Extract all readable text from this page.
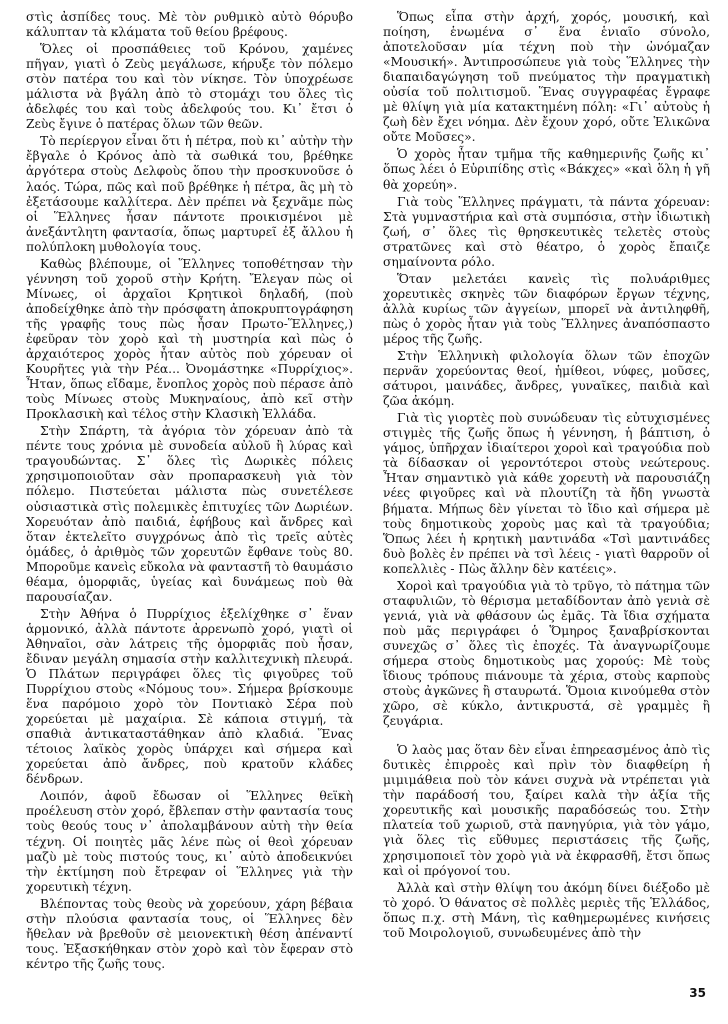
στὶς ἀσπίδες τους. Μὲ τὸν ρυθμικὸ αὐτὸ θόρυβο κάλυπταν τὰ κλάματα τοῦ θείου βρέφους.

Ὅλες οἱ προσπάθειες τοῦ Κρόνου, χαμένες πῆγαν, γιατὶ ὁ Ζεὺς μεγάλωσε, κήρυξε τὸν πόλεμο στὸν πατέρα του καὶ τὸν νίκησε. Τὸν ὑποχρέωσε μάλιστα νὰ βγάλη ἀπὸ τὸ στομάχι του ὅλες τὶς ἀδελφές του καὶ τοὺς ἀδελφούς του. Κι᾽ ἔτσι ὁ Ζεὺς ἔγινε ὁ πατέρας ὅλων τῶν θεῶν.

Τὸ περίεργον εἶναι ὅτι ἡ πέτρα, ποὺ κι᾽ αὐτὴν τὴν ἔβγαλε ὁ Κρόνος ἀπὸ τὰ σωθικά του, βρέθηκε ἀργότερα στοὺς Δελφοὺς ὅπου τὴν προσκυνοῦσε ὁ λαός. Τώρα, πῶς καὶ ποῦ βρέθηκε ἡ πέτρα, ἂς μὴ τὸ ἐξετάσουμε καλλίτερα. Δὲν πρέπει νὰ ξεχνᾶμε πὼς οἱ Ἕλληνες ἦσαν πάντοτε προικισμένοι μὲ ἀνεξάντλητη φαντασία, ὅπως μαρτυρεῖ ἐξ ἄλλου ἡ πολύπλοκη μυθολογία τους.

Καθὼς βλέπουμε, οἱ Ἕλληνες τοποθέτησαν τὴν γέννηση τοῦ χοροῦ στὴν Κρήτη. Ἔλεγαν πὼς οἱ Μίνωες, οἱ ἀρχαῖοι Κρητικοὶ δηλαδή, (ποὺ ἀποδείχθηκε ἀπὸ τὴν πρόσφατη ἀποκρυπτογράφηση τῆς γραφῆς τους πὼς ἦσαν Πρωτο-Ἕλληνες,) ἐφεῦραν τὸν χορὸ καὶ τὴ μυστηρία καὶ πὼς ὁ ἀρχαιότερος χορὸς ἦταν αὐτὸς ποὺ χόρευαν οἱ Κουρῆτες γιὰ τὴν Ρέα... Ὀνομάστηκε «Πυρρίχιος». Ἦταν, ὅπως εἴδαμε, ἔνοπλος χορὸς ποὺ πέρασε ἀπὸ τοὺς Μίνωες στοὺς Μυκηναίους, ἀπὸ κεῖ στὴν Προκλασικὴ καὶ τέλος στὴν Κλασικὴ Ἑλλάδα.

Στὴν Σπάρτη, τὰ ἀγόρια τὸν χόρευαν ἀπὸ τὰ πέντε τους χρόνια μὲ συνοδεία αὐλοῦ ἢ λύρας καὶ τραγουδώντας. Σ᾽ ὅλες τὶς Δωρικὲς πόλεις χρησιμοποιοῦταν σὰν προπαρασκευὴ γιὰ τὸν πόλεμο. Πιστεύεται μάλιστα πὼς συνετέλεσε οὐσιαστικὰ στὶς πολεμικὲς ἐπιτυχίες τῶν Δωριέων. Χορευόταν ἀπὸ παιδιά, ἐφήβους καὶ ἄνδρες καὶ ὅταν ἐκτελεῖτο συγχρόνως ἀπὸ τὶς τρεῖς αὐτὲς ὁμάδες, ὁ ἀριθμὸς τῶν χορευτῶν ἔφθανε τοὺς 80. Μποροῦμε κανεὶς εὔκολα νὰ φανταστῆ τὸ θαυμάσιο θέαμα, ὁμορφιᾶς, ὑγείας καὶ δυνάμεως ποὺ θὰ παρουσίαζαν.

Στὴν Ἀθήνα ὁ Πυρρίχιος ἐξελίχθηκε σ᾽ ἕναν ἁρμονικό, ἀλλὰ πάντοτε ἀρρενωπὸ χορό, γιατὶ οἱ Ἀθηναῖοι, σὰν λάτρεις τῆς ὁμορφιᾶς ποὺ ἦσαν, ἔδιναν μεγάλη σημασία στὴν καλλιτεχνικὴ πλευρά. Ὁ Πλάτων περιγράφει ὅλες τὶς φιγοῦρες τοῦ Πυρρίχιου στοὺς «Νόμους του». Σήμερα βρίσκουμε ἕνα παρόμοιο χορὸ τὸν Ποντιακὸ Σέρα ποὺ χορεύεται μὲ μαχαίρια. Σὲ κάποια στιγμή, τὰ σπαθιὰ ἀντικαταστάθηκαν ἀπὸ κλαδιά. Ἕνας τέτοιος λαϊκὸς χορὸς ὑπάρχει καὶ σήμερα καὶ χορεύεται ἀπὸ ἄνδρες, ποὺ κρατοῦν κλάδες δένδρων.

Λοιπόν, ἀφοῦ ἔδωσαν οἱ Ἕλληνες θεϊκὴ προέλευση στὸν χορό, ἔβλεπαν στὴν φαντασία τους τοὺς θεούς τους ν᾽ ἀπολαμβάνουν αὐτὴ τὴν θεία τέχνη. Οἱ ποιητὲς μᾶς λένε πὼς οἱ θεοὶ χόρευαν μαζὺ μὲ τοὺς πιστούς τους, κι᾽ αὐτὸ ἀποδεικνύει τὴν ἐκτίμηση ποὺ ἔτρεφαν οἱ Ἕλληνες γιὰ τὴν χορευτικὴ τέχνη.

Βλέποντας τοὺς θεοὺς νὰ χορεύουν, χάρη βέβαια στὴν πλούσια φαντασία τους, οἱ Ἕλληνες δὲν ἤθελαν νὰ βρεθοῦν σὲ μειονεκτικὴ θέση ἀπέναντί τους. Ἐξασκήθηκαν στὸν χορὸ καὶ τὸν ἔφεραν στὸ κέντρο τῆς ζωῆς τους.

Ὅπως εἶπα στὴν ἀρχή, χορός, μουσική, καὶ ποίηση, ἑνωμένα σ᾽ ἕνα ἑνιαῖο σύνολο, ἀποτελοῦσαν μία τέχνη ποὺ τὴν ὠνόμαζαν «Μουσική». Ἀντιπροσώπευε γιὰ τοὺς Ἕλληνες τὴν διαπαιδαγώγηση τοῦ πνεύματος τὴν πραγματικὴ οὐσία τοῦ πολιτισμοῦ. Ἕνας συγγραφέας ἔγραφε μὲ θλίψη γιὰ μία κατακτημένη πόλη: «Γι᾽ αὐτοὺς ἡ ζωὴ δὲν ἔχει νόημα. Δὲν ἔχουν χορό, οὔτε Ἑλικῶνα οὔτε Μοῦσες».

Ὁ χορὸς ἦταν τμῆμα τῆς καθημερινῆς ζωῆς κι᾽ ὅπως λέει ὁ Εὐριπίδης στὶς «Βάκχες» «καὶ ὅλη ἡ γῆ θὰ χορεύη».

Γιὰ τοὺς Ἕλληνες πράγματι, τὰ πάντα χόρευαν: Στὰ γυμναστήρια καὶ στὰ συμπόσια, στὴν ἰδιωτικὴ ζωή, σ᾽ ὅλες τὶς θρησκευτικὲς τελετὲς στοὺς στρατῶνες καὶ στὸ θέατρο, ὁ χορὸς ἔπαιζε σημαίνοντα ρόλο.

Ὅταν μελετάει κανεὶς τὶς πολυάριθμες χορευτικὲς σκηνὲς τῶν διαφόρων ἔργων τέχνης, ἀλλὰ κυρίως τῶν ἀγγείων, μπορεῖ νὰ ἀντιληφθῆ, πὼς ὁ χορὸς ἦταν γιὰ τοὺς Ἕλληνες ἀναπόσπαστο μέρος τῆς ζωῆς.

Στὴν Ἑλληνικὴ φιλολογία ὅλων τῶν ἐποχῶν περνᾶν χορεύοντας θεοί, ἡμίθεοι, νύφες, μοῦσες, σάτυροι, μαινάδες, ἄνδρες, γυναῖκες, παιδιὰ καὶ ζῶα ἀκόμη.

Γιὰ τὶς γιορτὲς ποὺ συνώδευαν τὶς εὐτυχισμένες στιγμὲς τῆς ζωῆς ὅπως ἡ γέννηση, ἡ βάπτιση, ὁ γάμος, ὑπῆρχαν ἰδιαίτεροι χοροὶ καὶ τραγούδια ποὺ τὰ δίδασκαν οἱ γεροντότεροι στοὺς νεώτερους. Ἦταν σημαντικὸ γιὰ κάθε χορευτὴ νὰ παρουσιάζη νέες φιγοῦρες καὶ νὰ πλουτίζη τὰ ἤδη γνωστὰ βήματα. Μήπως δὲν γίνεται τὸ ἴδιο καὶ σήμερα μὲ τοὺς δημοτικοὺς χοροὺς μας καὶ τὰ τραγούδια; Ὅπως λέει ἡ κρητικὴ μαντινάδα «Τσὶ μαντινάδες δυὸ βολὲς ἐν πρέπει νὰ τσὶ λέεις - γιατὶ θαρροῦν οἱ κοπελλιὲς - Πὼς ἄλλην δὲν κατέεις».

Χοροὶ καὶ τραγούδια γιὰ τὸ τρῦγο, τὸ πάτημα τῶν σταφυλιῶν, τὸ θέρισμα μεταδίδονταν ἀπὸ γενιὰ σὲ γενιά, γιὰ νὰ φθάσουν ὡς ἐμᾶς. Τὰ ἴδια σχήματα ποὺ μᾶς περιγράφει ὁ Ὅμηρος ξαναβρίσκονται συνεχῶς σ᾽ ὅλες τὶς ἐποχές. Τὰ ἀναγνωρίζουμε σήμερα στοὺς δημοτικοὺς μας χορούς: Μὲ τοὺς ἴδιους τρόπους πιάνουμε τὰ χέρια, στοὺς καρποὺς στοὺς ἀγκῶνες ἢ σταυρωτά. Ὅμοια κινούμεθα στὸν χῶρο, σὲ κύκλο, ἀντικρυστά, σὲ γραμμὲς ἢ ζευγάρια.

Ὁ λαὸς μας ὅταν δὲν εἶναι ἐπηρεασμένος ἀπὸ τὶς δυτικὲς ἐπιρροὲς καὶ πρὶν τὸν διαφθείρη ἡ μιμιμάθεια ποὺ τὸν κάνει συχνὰ νὰ ντρέπεται γιὰ τὴν παράδοσή του, ξαίρει καλὰ τὴν ἀξία τῆς χορευτικῆς καὶ μουσικῆς παραδόσεώς του. Στὴν πλατεία τοῦ χωριοῦ, στὰ πανηγύρια, γιὰ τὸν γάμο, γιὰ ὅλες τὶς εὔθυμες περιστάσεις τῆς ζωῆς, χρησιμοποιεῖ τὸν χορὸ γιὰ νὰ ἐκφρασθῆ, ἔτσι ὅπως καὶ οἱ πρόγονοί του.

Ἀλλὰ καὶ στὴν θλίψη του ἀκόμη δίνει διέξοδο μὲ τὸ χορό. Ὁ θάνατος σὲ πολλὲς μεριὲς τῆς Ἑλλάδος, ὅπως π.χ. στὴ Μάνη, τὶς καθημερωμένες κινήσεις τοῦ Μοιρολογιοῦ, συνωδευμένες ἀπὸ τὴν

35
